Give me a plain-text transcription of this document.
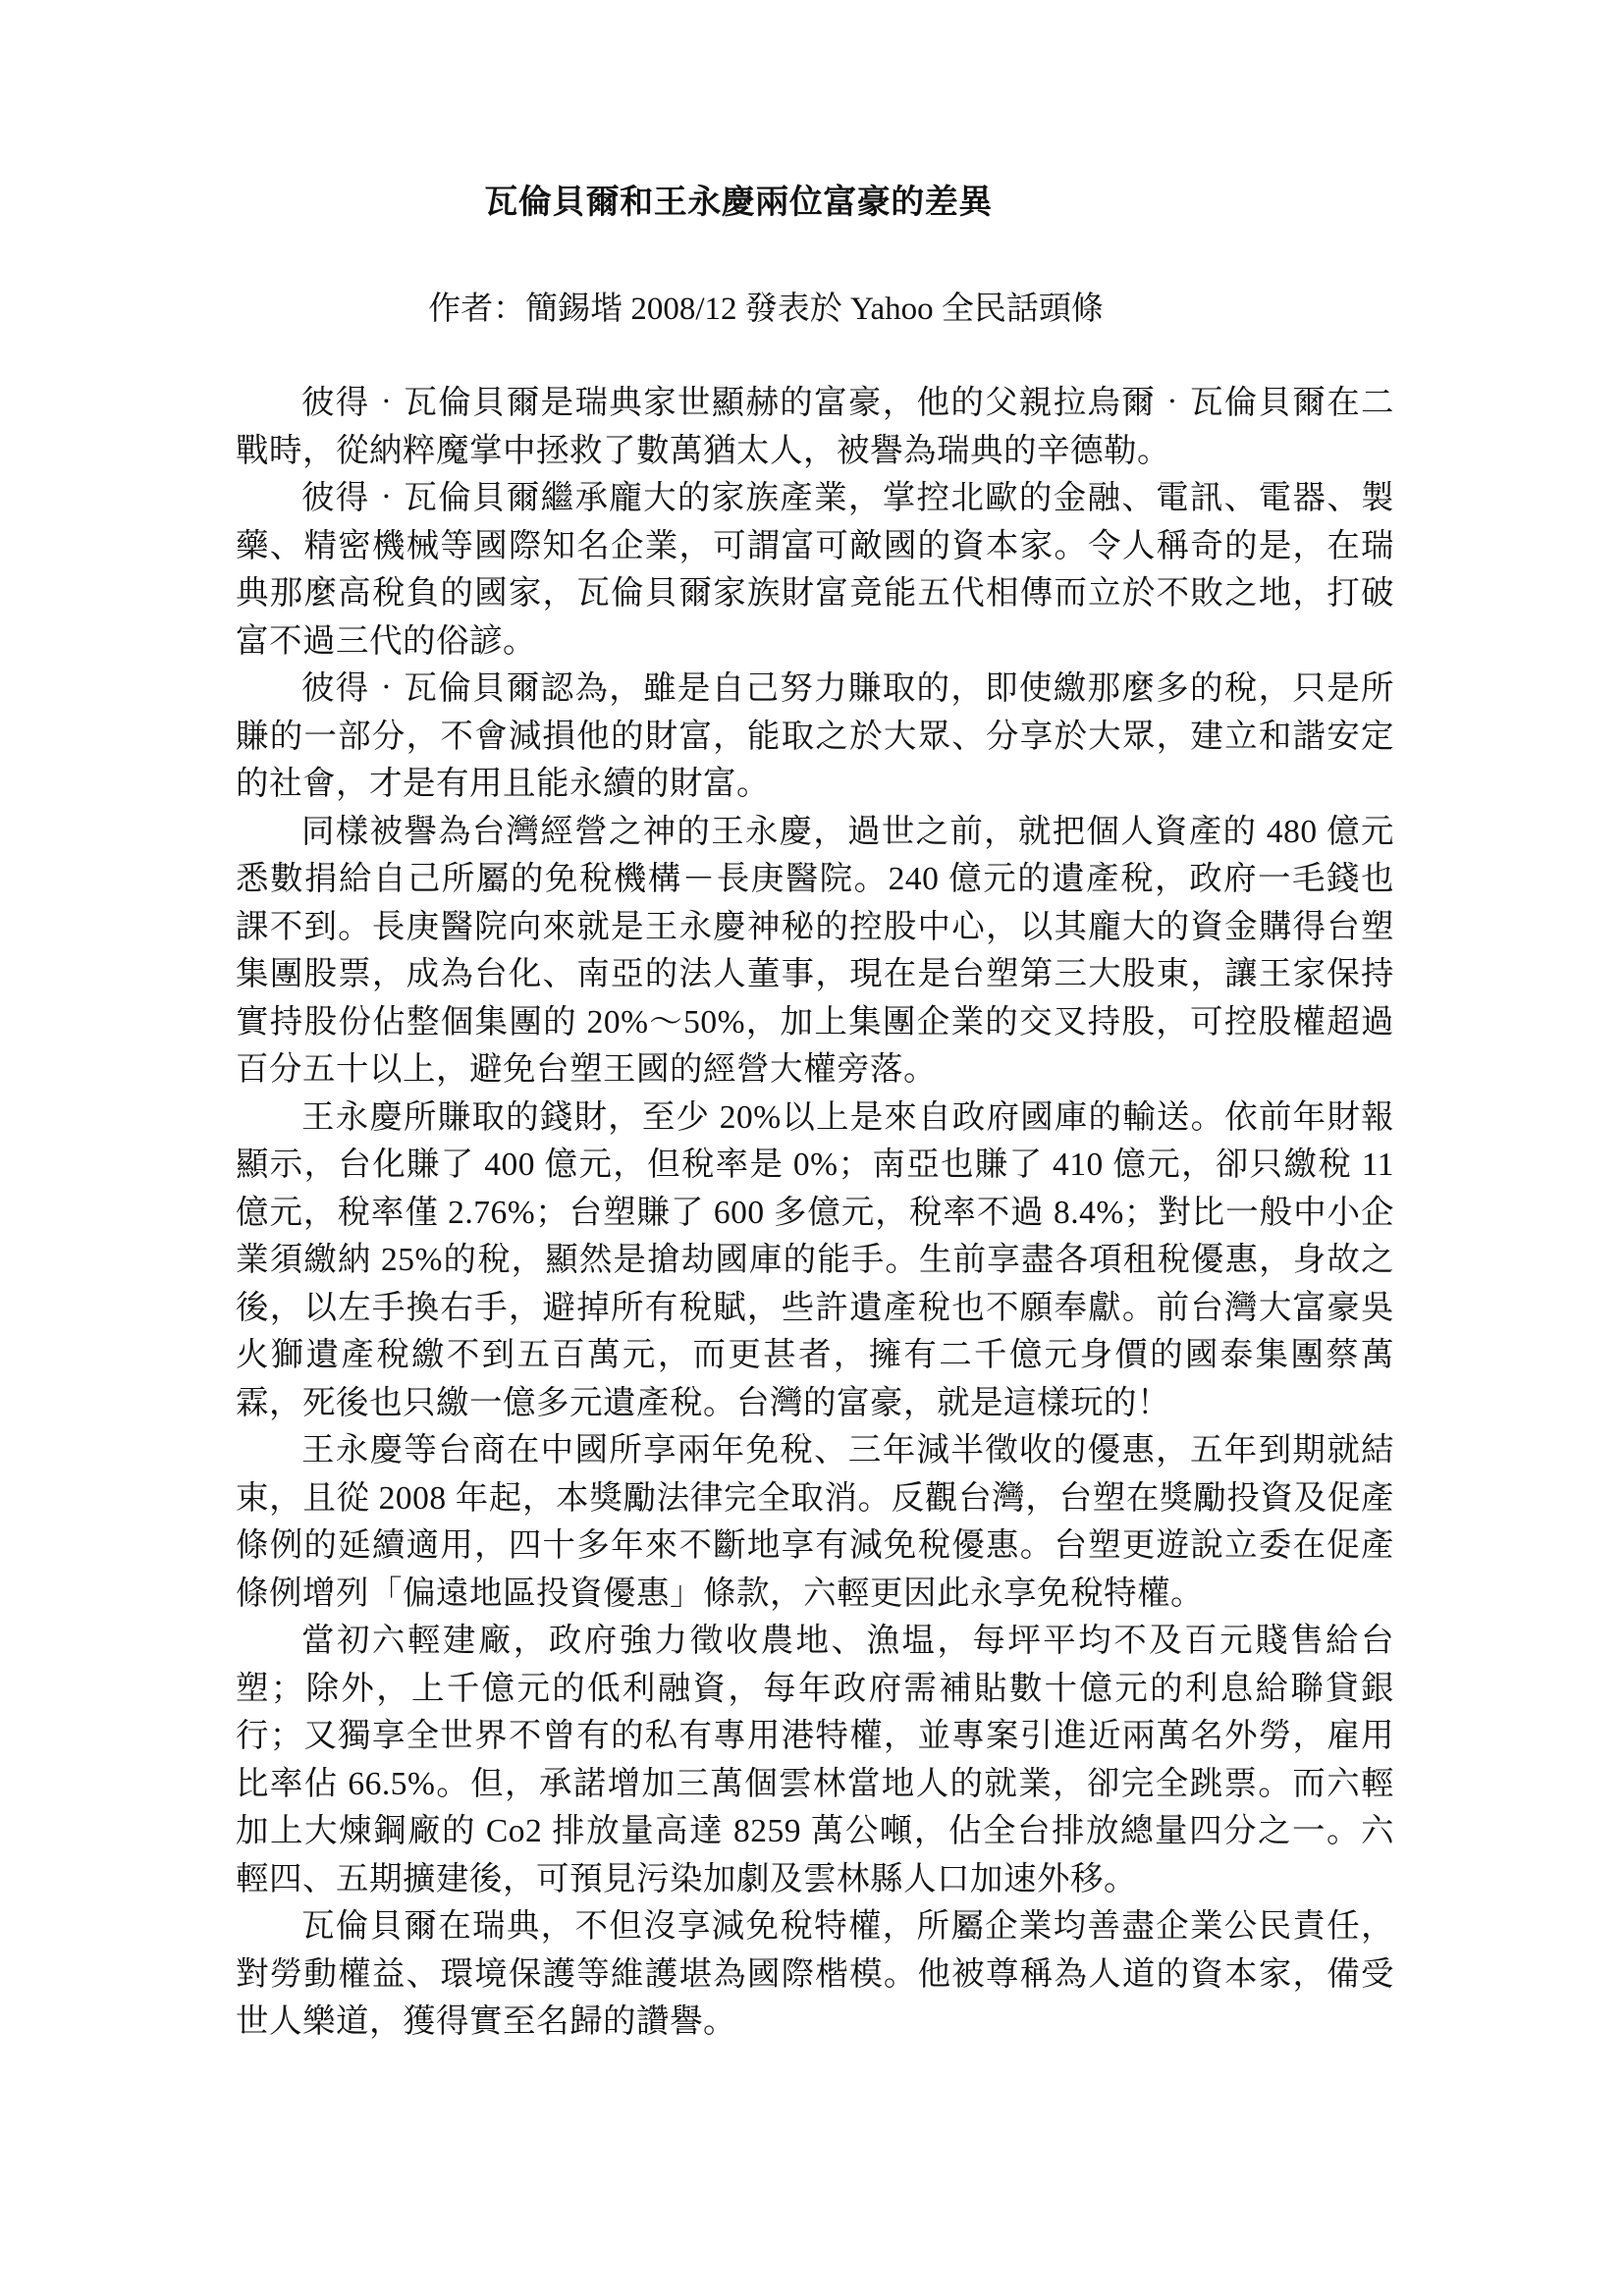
瓦倫貝爾和王永慶兩位富豪的差異

作者：簡錫堦 2008/12 發表於 Yahoo 全民話頭條

彼得‧瓦倫貝爾是瑞典家世顯赫的富豪，他的父親拉烏爾‧瓦倫貝爾在二戰時，從納粹魔掌中拯救了數萬猶太人，被譽為瑞典的辛德勒。

彼得‧瓦倫貝爾繼承龐大的家族產業，掌控北歐的金融、電訊、電器、製藥、精密機械等國際知名企業，可謂富可敵國的資本家。令人稱奇的是，在瑞典那麼高稅負的國家，瓦倫貝爾家族財富竟能五代相傳而立於不敗之地，打破富不過三代的俗諺。

彼得‧瓦倫貝爾認為，雖是自己努力賺取的，即使繳那麼多的稅，只是所賺的一部分，不會減損他的財富，能取之於大眾、分享於大眾，建立和諧安定的社會，才是有用且能永續的財富。

同樣被譽為台灣經營之神的王永慶，過世之前，就把個人資產的 480 億元悉數捐給自己所屬的免稅機構－長庚醫院。240 億元的遺產稅，政府一毛錢也課不到。長庚醫院向來就是王永慶神秘的控股中心，以其龐大的資金購得台塑集團股票，成為台化、南亞的法人董事，現在是台塑第三大股東，讓王家保持實持股份佔整個集團的 20%～50%，加上集團企業的交叉持股，可控股權超過百分五十以上，避免台塑王國的經營大權旁落。

王永慶所賺取的錢財，至少 20%以上是來自政府國庫的輸送。依前年財報顯示，台化賺了 400 億元，但稅率是 0%；南亞也賺了 410 億元，卻只繳稅 11 億元，稅率僅 2.76%；台塑賺了 600 多億元，稅率不過 8.4%；對比一般中小企業須繳納 25%的稅，顯然是搶劫國庫的能手。生前享盡各項租稅優惠，身故之後，以左手換右手，避掉所有稅賦，些許遺產稅也不願奉獻。前台灣大富豪吳火獅遺產稅繳不到五百萬元，而更甚者，擁有二千億元身價的國泰集團蔡萬霖，死後也只繳一億多元遺產稅。台灣的富豪，就是這樣玩的！

王永慶等台商在中國所享兩年免稅、三年減半徵收的優惠，五年到期就結束，且從 2008 年起，本獎勵法律完全取消。反觀台灣，台塑在獎勵投資及促產條例的延續適用，四十多年來不斷地享有減免稅優惠。台塑更遊說立委在促產條例增列「偏遠地區投資優惠」條款，六輕更因此永享免稅特權。

當初六輕建廠，政府強力徵收農地、漁塭，每坪平均不及百元賤售給台塑；除外，上千億元的低利融資，每年政府需補貼數十億元的利息給聯貸銀行；又獨享全世界不曾有的私有專用港特權，並專案引進近兩萬名外勞，雇用比率佔 66.5%。但，承諾增加三萬個雲林當地人的就業，卻完全跳票。而六輕加上大煉鋼廠的 Co2 排放量高達 8259 萬公噸，佔全台排放總量四分之一。六輕四、五期擴建後，可預見污染加劇及雲林縣人口加速外移。

瓦倫貝爾在瑞典，不但沒享減免稅特權，所屬企業均善盡企業公民責任，對勞動權益、環境保護等維護堪為國際楷模。他被尊稱為人道的資本家，備受世人樂道，獲得實至名歸的讚譽。
